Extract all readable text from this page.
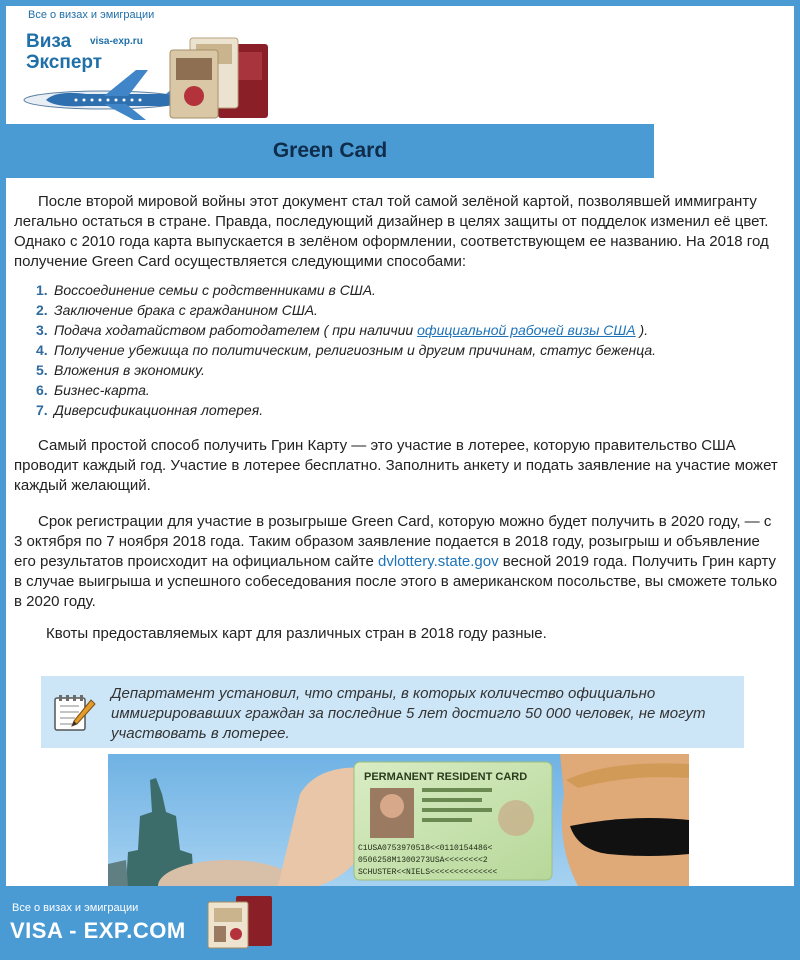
Все о визах и эмиграции
Виза
Эксперт
visa-exp.ru
Green Card

После второй мировой войны этот документ стал той самой зелёной картой, позволявшей иммигранту легально остаться в стране. Правда, последующий дизайнер в целях защиты от подделок изменил её цвет. Однако с 2010 года карта выпускается в зелёном оформлении, соответствующем ее названию. На 2018 год получение Green Card осуществляется следующими способами:

1. Воссоединение семьи с родственниками в США.
2. Заключение брака с гражданином США.
3. Подача ходатайством работодателем ( при наличии официальной рабочей визы США ).
4. Получение убежища по политическим, религиозным и другим причинам, статус беженца.
5. Вложения в экономику.
6. Бизнес-карта.
7. Диверсификационная лотерея.

Самый простой способ получить Грин Карту — это участие в лотерее, которую правительство США проводит каждый год. Участие в лотерее бесплатно. Заполнить анкету и подать заявление на участие может каждый желающий.

Срок регистрации для участие в розыгрыше Green Card, которую можно будет получить в 2020 году, — с 3 октября по 7 ноября 2018 года. Таким образом заявление подается в 2018 году, розыгрыш и объявление его результатов происходит на официальном сайте dvlottery.state.gov весной 2019 года. Получить Грин карту в случае выигрыша и успешного собеседования после этого в американском посольстве, вы сможете только в 2020 году.

Квоты предоставляемых карт для различных стран в 2018 году разные.

Департамент установил, что страны, в которых количество официально иммигрировавших граждан за последние 5 лет достигло 50 000 человек, не могут участвовать в лотерее.
PERMANENT RESIDENT CARD
C1USA0753970518<<0110154486<
0506258M1300273USA<<<<<<<<2
SCHUSTER<<NIELS<<<<<<<<<<<<<<
Все о визах и эмиграции
VISA - EXP.COM
